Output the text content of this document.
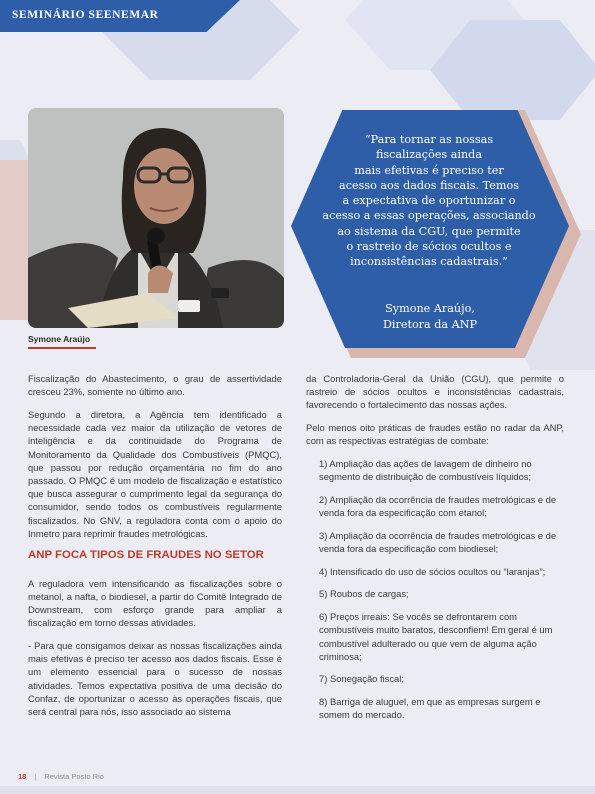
SEMINÁRIO SEENEMAR
Symone Araújo
“Para tornar as nossas
fiscalizações ainda
mais efetivas é preciso ter
acesso aos dados fiscais. Temos
a expectativa de oportunizar o
acesso a essas operações, associando
ao sistema da CGU, que permite
o rastreio de sócios ocultos e
inconsistências cadastrais.”
Symone Araújo,
Diretora da ANP

Fiscalização do Abastecimento, o grau de assertividade cresceu 23%, somente no último ano.

Segundo a diretora, a Agência tem identificado a necessidade cada vez maior da utilização de vetores de inteligência e da continuidade do Programa de Monitoramento da Qualidade dos Combustíveis (PMQC), que passou por redução orçamentária no fim do ano passado. O PMQC é um modelo de fiscalização e estatístico que busca assegurar o cumprimento legal da segurança do consumidor, sendo todos os combustíveis regularmente fiscalizados. No GNV, a reguladora conta com o apoio do Inmetro para reprimir fraudes metrológicas.

ANP FOCA TIPOS DE FRAUDES NO SETOR

A reguladora vem intensificando as fiscalizações sobre o metanol, a nafta, o biodiesel, a partir do Comitê Integrado de Downstream, com esforço grande para ampliar a fiscalização em torno dessas atividades.

- Para que consigamos deixar as nossas fiscalizações ainda mais efetivas é preciso ter acesso aos dados fiscais. Esse é um elemento essencial para o sucesso de nossas atividades. Temos expectativa positiva de uma decisão do Confaz, de oportunizar o acesso às operações fiscais, que será central para nós, isso associado ao sistema

da Controladoria-Geral da União (CGU), que permite o rastreio de sócios ocultos e inconsistências cadastrais, favorecendo o fortalecimento das nossas ações.

Pelo menos oito práticas de fraudes estão no radar da ANP, com as respectivas estratégias de combate:

1) Ampliação das ações de lavagem de dinheiro no segmento de distribuição de combustíveis líquidos;

2) Ampliação da ocorrência de fraudes metrológicas e de venda fora da especificação com etanol;

3) Ampliação da ocorrência de fraudes metrológicas e de venda fora da especificação com biodiesel;

4) Intensificado do uso de sócios ocultos ou “laranjas”;

5) Roubos de cargas;

6) Preços irreais: Se vocês se defrontarem com combustíveis muito baratos, desconfiem! Em geral é um combustível adulterado ou que vem de alguma ação criminosa;

7) Sonegação fiscal;

8) Barriga de aluguel, em que as empresas surgem e somem do mercado.

18 | Revista Posto Rio
